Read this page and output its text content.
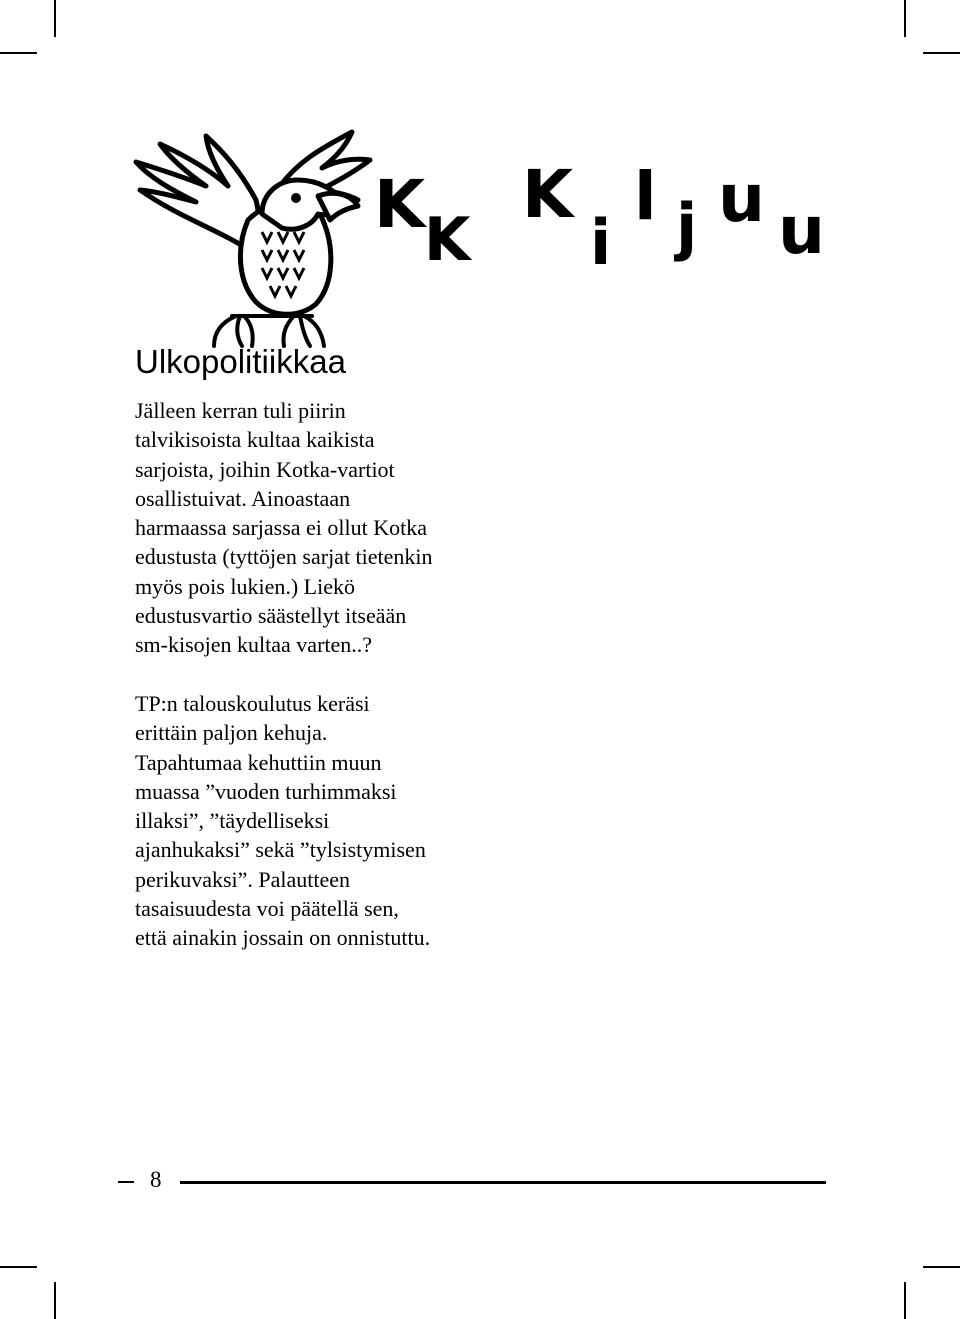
K
K
K
i
l j u u
Ulkopolitiikkaa
Jälleen kerran tuli piirin
talvikisoista kultaa kaikista
sarjoista, joihin Kotka-vartiot
osallistuivat. Ainoastaan
harmaassa sarjassa ei ollut Kotka
edustusta (tyttöjen sarjat tietenkin
myös pois lukien.) Liekö
edustusvartio säästellyt itseään
sm-kisojen kultaa varten..?
TP:n talouskoulutus keräsi
erittäin paljon kehuja.
Tapahtumaa kehuttiin muun
muassa ”vuoden turhimmaksi
illaksi”, ”täydelliseksi
ajanhukaksi” sekä ”tylsistymisen
perikuvaksi”. Palautteen
tasaisuudesta voi päätellä sen,
että ainakin jossain on onnistuttu.
8
